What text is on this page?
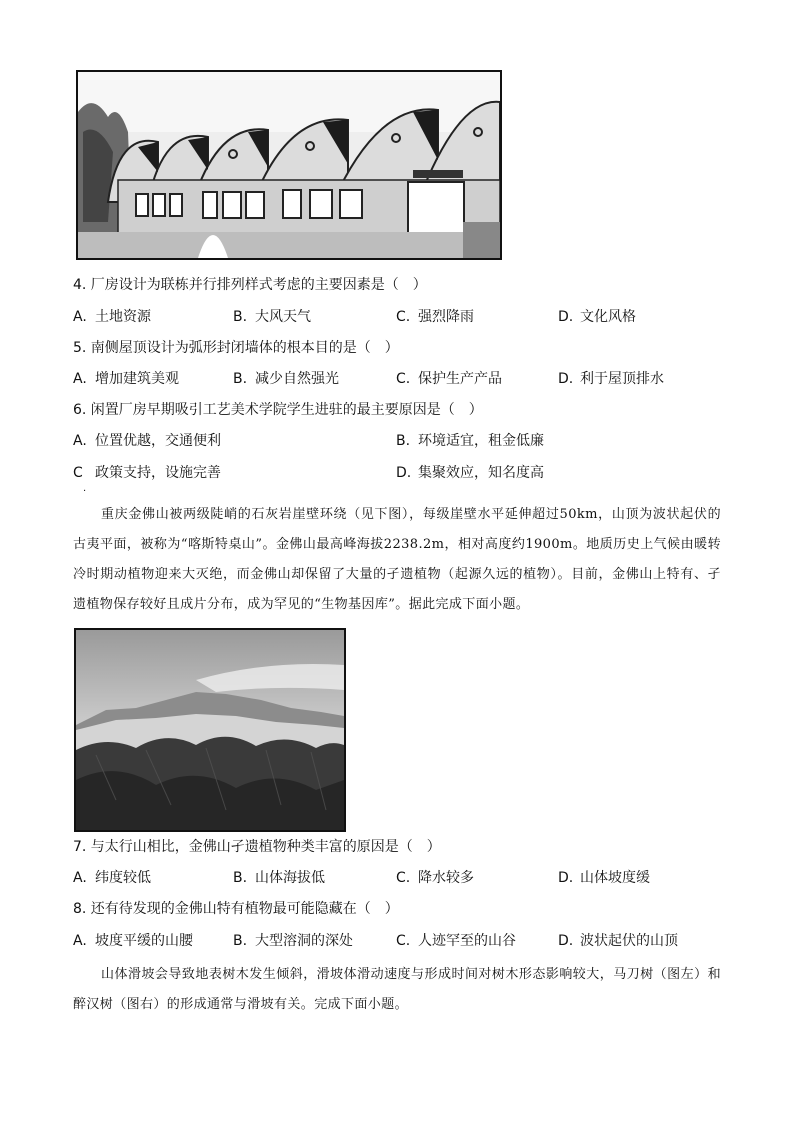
4. 厂房设计为联栋并行排列样式考虑的主要因素是（　）
A. 土地资源	B. 大风天气	C. 强烈降雨	D. 文化风格
5. 南侧屋顶设计为弧形封闭墙体的根本目的是（　）
A. 增加建筑美观	B. 减少自然强光	C. 保护生产产品	D. 利于屋顶排水
6. 闲置厂房早期吸引工艺美术学院学生进驻的最主要原因是（　）
A. 位置优越，交通便利	B. 环境适宜，租金低廉
C 政策支持，设施完善	D. 集聚效应，知名度高
·
重庆金佛山被两级陡峭的石灰岩崖壁环绕（见下图），每级崖壁水平延伸超过50km，山顶为波状起伏的古夷平面，被称为“喀斯特桌山”。金佛山最高峰海拔2238.2m，相对高度约1900m。地质历史上气候由暖转冷时期动植物迎来大灭绝，而金佛山却保留了大量的孑遗植物（起源久远的植物）。目前，金佛山上特有、孑遗植物保存较好且成片分布，成为罕见的“生物基因库”。据此完成下面小题。
7. 与太行山相比，金佛山孑遗植物种类丰富的原因是（　）
A. 纬度较低	B. 山体海拔低	C. 降水较多	D. 山体坡度缓
8. 还有待发现的金佛山特有植物最可能隐藏在（　）
A. 坡度平缓的山腰	B. 大型溶洞的深处	C. 人迹罕至的山谷	D. 波状起伏的山顶
山体滑坡会导致地表树木发生倾斜，滑坡体滑动速度与形成时间对树木形态影响较大，马刀树（图左）和醉汉树（图右）的形成通常与滑坡有关。完成下面小题。
